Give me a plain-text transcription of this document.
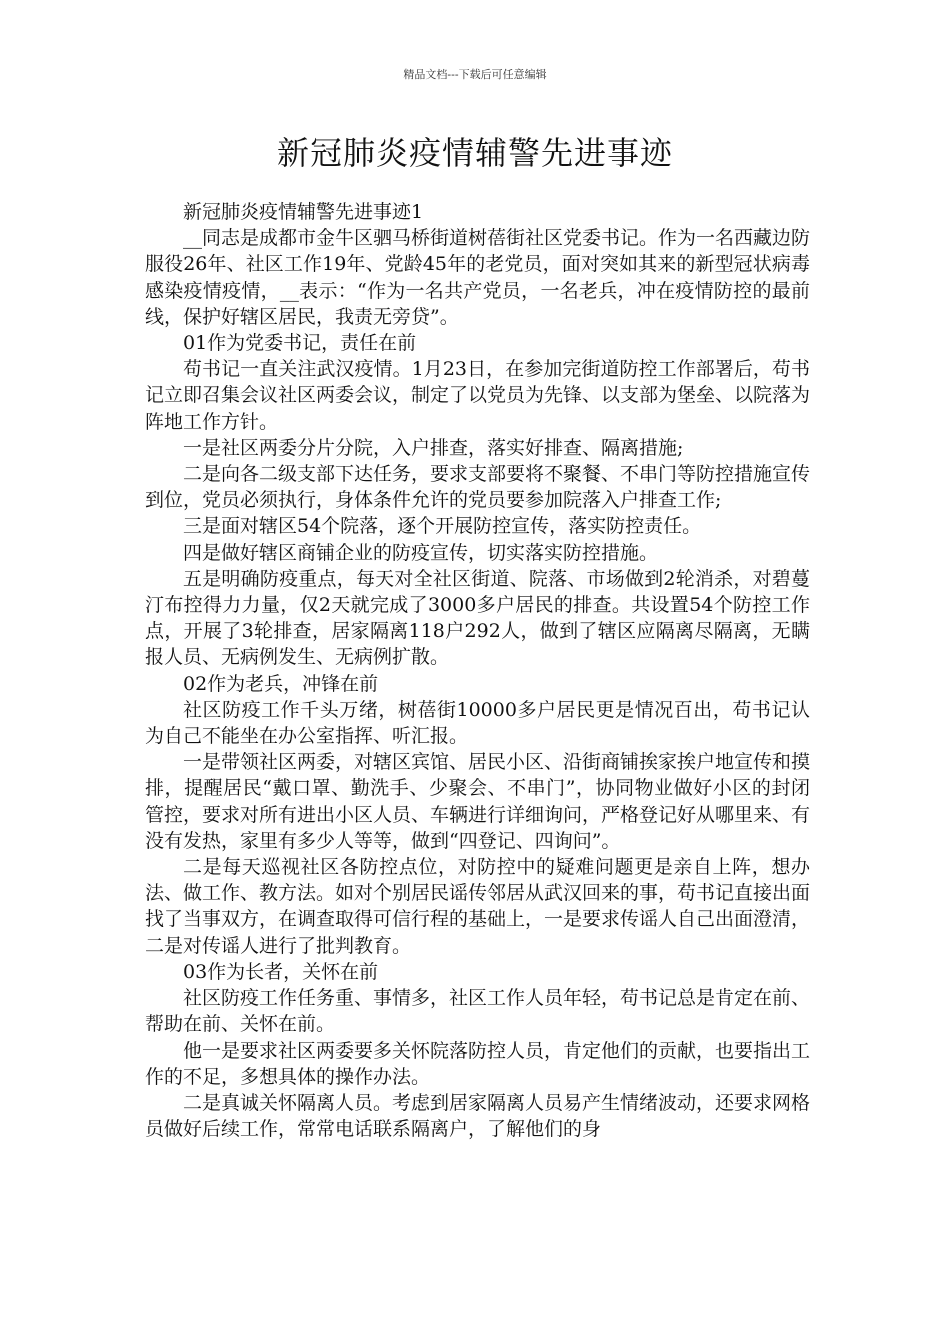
精品文档---下载后可任意编辑
新冠肺炎疫情辅警先进事迹

新冠肺炎疫情辅警先进事迹1

__同志是成都市金牛区驷马桥街道树蓓街社区党委书记。作为一名西藏边防服役26年、社区工作19年、党龄45年的老党员，面对突如其来的新型冠状病毒感染疫情疫情，__表示：“作为一名共产党员，一名老兵，冲在疫情防控的最前线，保护好辖区居民，我责无旁贷”。

01作为党委书记，责任在前

苟书记一直关注武汉疫情。1月23日，在参加完街道防控工作部署后，苟书记立即召集会议社区两委会议，制定了以党员为先锋、以支部为堡垒、以院落为阵地工作方针。

一是社区两委分片分院，入户排查，落实好排查、隔离措施;

二是向各二级支部下达任务，要求支部要将不聚餐、不串门等防控措施宣传到位，党员必须执行，身体条件允许的党员要参加院落入户排查工作;

三是面对辖区54个院落，逐个开展防控宣传，落实防控责任。

四是做好辖区商铺企业的防疫宣传，切实落实防控措施。

五是明确防疫重点，每天对全社区街道、院落、市场做到2轮消杀，对碧蔓汀布控得力力量，仅2天就完成了3000多户居民的排查。共设置54个防控工作点，开展了3轮排查，居家隔离118户292人，做到了辖区应隔离尽隔离，无瞒报人员、无病例发生、无病例扩散。

02作为老兵，冲锋在前

社区防疫工作千头万绪，树蓓街10000多户居民更是情况百出，苟书记认为自己不能坐在办公室指挥、听汇报。

一是带领社区两委，对辖区宾馆、居民小区、沿街商铺挨家挨户地宣传和摸排，提醒居民“戴口罩、勤洗手、少聚会、不串门”，协同物业做好小区的封闭管控，要求对所有进出小区人员、车辆进行详细询问，严格登记好从哪里来、有没有发热，家里有多少人等等，做到“四登记、四询问”。

二是每天巡视社区各防控点位，对防控中的疑难问题更是亲自上阵，想办法、做工作、教方法。如对个别居民谣传邻居从武汉回来的事，苟书记直接出面找了当事双方，在调查取得可信行程的基础上，一是要求传谣人自己出面澄清，二是对传谣人进行了批判教育。

03作为长者，关怀在前

社区防疫工作任务重、事情多，社区工作人员年轻，苟书记总是肯定在前、帮助在前、关怀在前。

他一是要求社区两委要多关怀院落防控人员，肯定他们的贡献，也要指出工作的不足，多想具体的操作办法。

二是真诚关怀隔离人员。考虑到居家隔离人员易产生情绪波动，还要求网格员做好后续工作，常常电话联系隔离户，了解他们的身
